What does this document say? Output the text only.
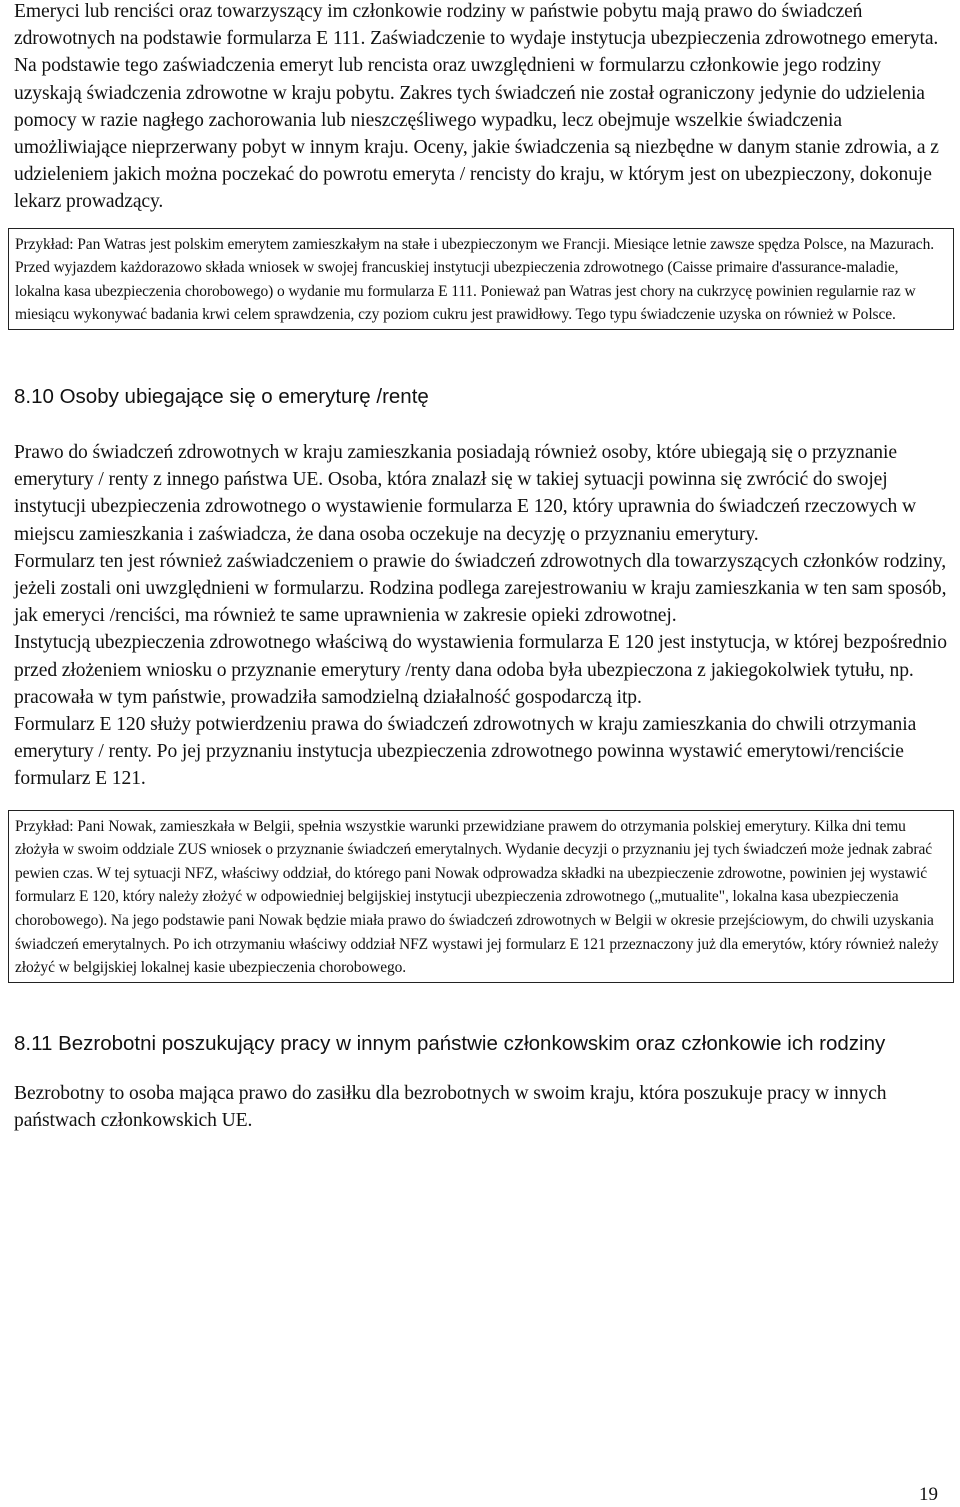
Emeryci lub renciści oraz towarzyszący im członkowie rodziny w państwie pobytu mają prawo do świadczeń zdrowotnych na podstawie formularza E 111. Zaświadczenie to wydaje instytucja ubezpieczenia zdrowotnego emeryta. Na podstawie tego zaświadczenia emeryt lub rencista oraz uwzględnieni w formularzu członkowie jego rodziny uzyskają świadczenia zdrowotne w kraju pobytu. Zakres tych świadczeń nie został ograniczony jedynie do udzielenia pomocy w razie nagłego zachorowania lub nieszczęśliwego wypadku, lecz obejmuje wszelkie świadczenia umożliwiające nieprzerwany pobyt w innym kraju. Oceny, jakie świadczenia są niezbędne w danym stanie zdrowia, a z udzieleniem jakich można poczekać do powrotu emeryta / rencisty do kraju, w którym jest on ubezpieczony, dokonuje lekarz prowadzący.

Przykład: Pan Watras jest polskim emerytem zamieszkałym na stałe i ubezpieczonym we Francji. Miesiące letnie zawsze spędza Polsce, na Mazurach. Przed wyjazdem każdorazowo składa wniosek w swojej francuskiej instytucji ubezpieczenia zdrowotnego (Caisse primaire d'assurance-maladie, lokalna kasa ubezpieczenia chorobowego) o wydanie mu formularza E 111. Ponieważ pan Watras jest chory na cukrzycę powinien regularnie raz w miesiącu wykonywać badania krwi celem sprawdzenia, czy poziom cukru jest prawidłowy. Tego typu świadczenie uzyska on również w Polsce.
8.10 Osoby ubiegające się o emeryturę /rentę

Prawo do świadczeń zdrowotnych w kraju zamieszkania posiadają również osoby, które ubiegają się o przyznanie emerytury / renty z innego państwa UE. Osoba, która znalazł się w takiej sytuacji powinna się zwrócić do swojej instytucji ubezpieczenia zdrowotnego o wystawienie formularza E 120, który uprawnia do świadczeń rzeczowych w miejscu zamieszkania i zaświadcza, że dana osoba oczekuje na decyzję o przyznaniu emerytury.

Formularz ten jest również zaświadczeniem o prawie do świadczeń zdrowotnych dla towarzyszących członków rodziny, jeżeli zostali oni uwzględnieni w formularzu. Rodzina podlega zarejestrowaniu w kraju zamieszkania w ten sam sposób, jak emeryci /renciści, ma również te same uprawnienia w zakresie opieki zdrowotnej.

Instytucją ubezpieczenia zdrowotnego właściwą do wystawienia formularza E 120 jest instytucja, w której bezpośrednio przed złożeniem wniosku o przyznanie emerytury /renty dana odoba była ubezpieczona z jakiegokolwiek tytułu, np. pracowała w tym państwie, prowadziła samodzielną działalność gospodarczą itp.

Formularz E 120 służy potwierdzeniu prawa do świadczeń zdrowotnych w kraju zamieszkania do chwili otrzymania emerytury / renty. Po jej przyznaniu instytucja ubezpieczenia zdrowotnego powinna wystawić emerytowi/renciście formularz E 121.

Przykład: Pani Nowak, zamieszkała w Belgii, spełnia wszystkie warunki przewidziane prawem do otrzymania polskiej emerytury. Kilka dni temu złożyła w swoim oddziale ZUS wniosek o przyznanie świadczeń emerytalnych. Wydanie decyzji o przyznaniu jej tych świadczeń może jednak zabrać pewien czas. W tej sytuacji NFZ, właściwy oddział, do którego pani Nowak odprowadza składki na ubezpieczenie zdrowotne, powinien jej wystawić formularz E 120, który należy złożyć w odpowiedniej belgijskiej instytucji ubezpieczenia zdrowotnego („mutualite", lokalna kasa ubezpieczenia chorobowego). Na jego podstawie pani Nowak będzie miała prawo do świadczeń zdrowotnych w Belgii w okresie przejściowym, do chwili uzyskania świadczeń emerytalnych. Po ich otrzymaniu właściwy oddział NFZ wystawi jej formularz E 121 przeznaczony już dla emerytów, który również należy złożyć w belgijskiej lokalnej kasie ubezpieczenia chorobowego.
8.11 Bezrobotni poszukujący pracy w innym państwie członkowskim oraz członkowie ich rodziny

Bezrobotny to osoba mająca prawo do zasiłku dla bezrobotnych w swoim kraju, która poszukuje pracy w innych państwach członkowskich UE.

19
